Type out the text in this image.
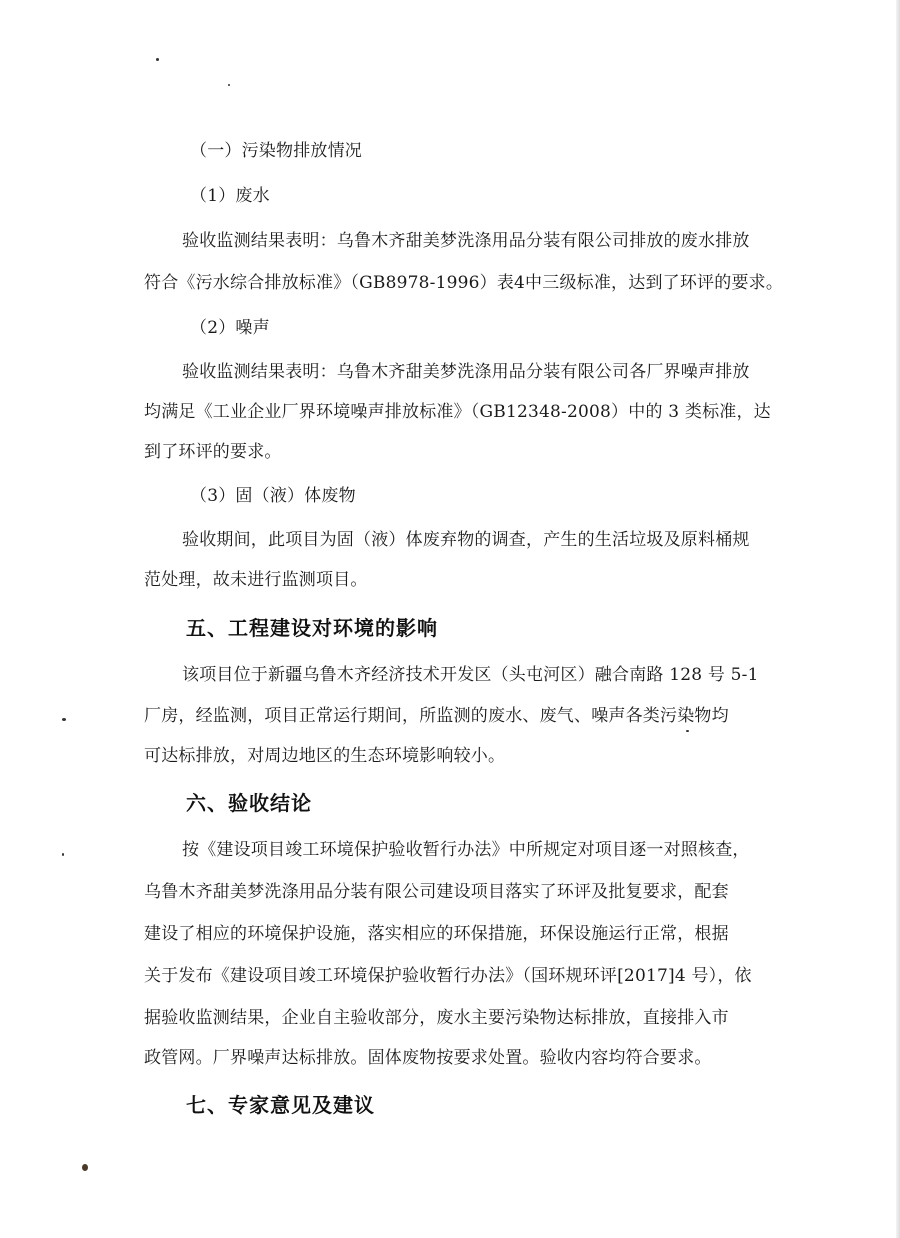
（一）污染物排放情况
（1）废水
验收监测结果表明：乌鲁木齐甜美梦洗涤用品分装有限公司排放的废水排放
符合《污水综合排放标准》（GB8978-1996）表4中三级标准，达到了环评的要求。
（2）噪声
验收监测结果表明：乌鲁木齐甜美梦洗涤用品分装有限公司各厂界噪声排放
均满足《工业企业厂界环境噪声排放标准》（GB12348-2008）中的 3 类标准，达
到了环评的要求。
（3）固（液）体废物
验收期间，此项目为固（液）体废弃物的调查，产生的生活垃圾及原料桶规
范处理，故未进行监测项目。
五、工程建设对环境的影响
该项目位于新疆乌鲁木齐经济技术开发区（头屯河区）融合南路 128 号 5-1
厂房，经监测，项目正常运行期间，所监测的废水、废气、噪声各类污染物均
可达标排放，对周边地区的生态环境影响较小。
六、验收结论
按《建设项目竣工环境保护验收暂行办法》中所规定对项目逐一对照核查，
乌鲁木齐甜美梦洗涤用品分装有限公司建设项目落实了环评及批复要求，配套
建设了相应的环境保护设施，落实相应的环保措施，环保设施运行正常，根据
关于发布《建设项目竣工环境保护验收暂行办法》（国环规环评[2017]4 号），依
据验收监测结果，企业自主验收部分，废水主要污染物达标排放，直接排入市
政管网。厂界噪声达标排放。固体废物按要求处置。验收内容均符合要求。
七、专家意见及建议
